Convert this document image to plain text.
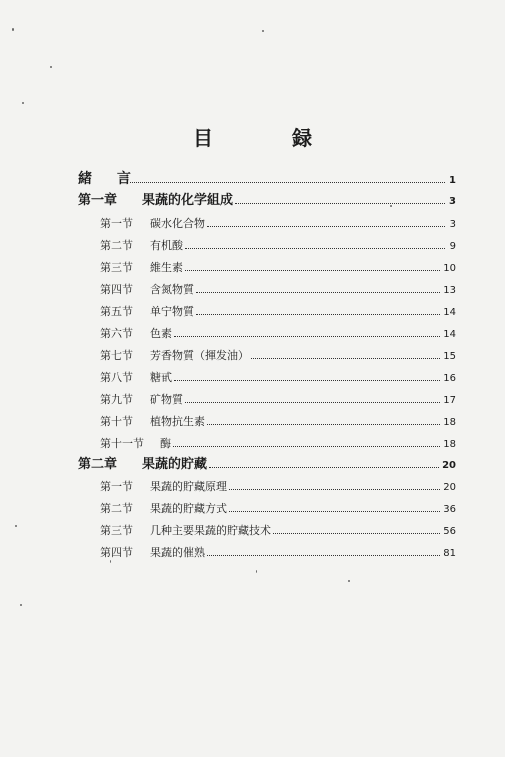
目 録
緒 言	1
第一章	果蔬的化学組成	3
第一节	碳水化合物	3
第二节	有机酸	9
第三节	維生素	10
第四节	含氮物質	13
第五节	单宁物質	14
第六节	色素	14
第七节	芳香物質（揮发油）	15
第八节	糖甙	16
第九节	矿物質	17
第十节	植物抗生素	18
第十一节	酶	18
第二章	果蔬的貯藏	20
第一节	果蔬的貯藏原理	20
第二节	果蔬的貯藏方式	36
第三节	几种主要果蔬的貯藏技术	56
第四节	果蔬的催熟	81
